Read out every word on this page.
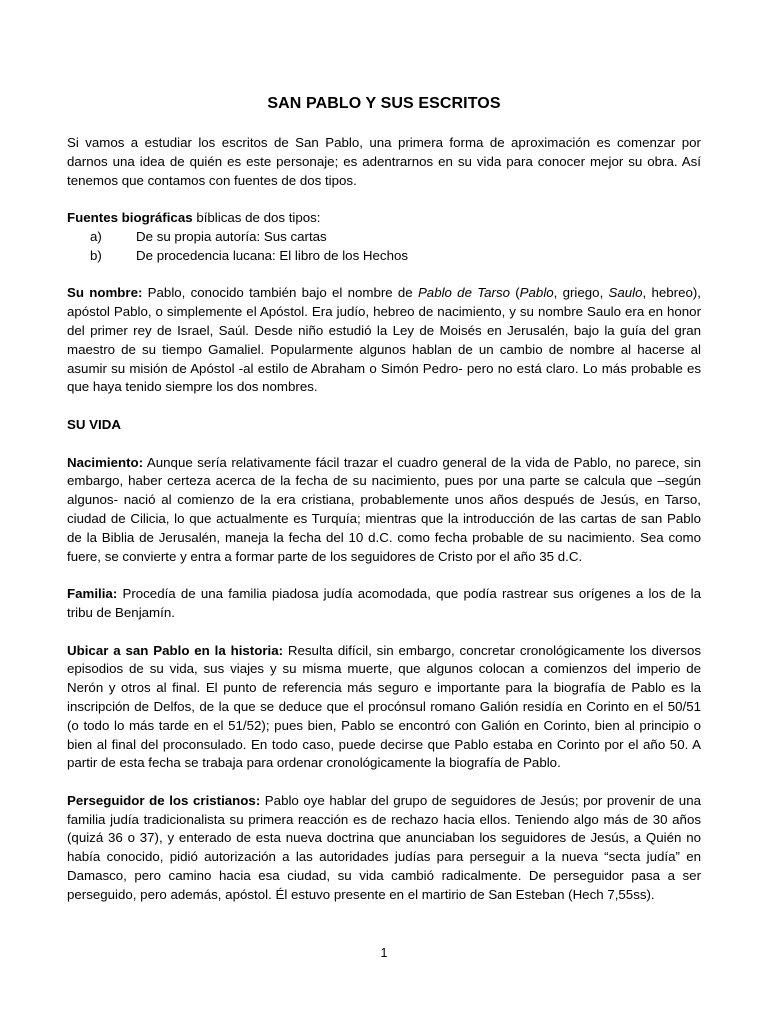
SAN PABLO Y SUS ESCRITOS

Si vamos a estudiar los escritos de San Pablo, una primera forma de aproximación es comenzar por darnos una idea de quién es este personaje; es adentrarnos en su vida para conocer mejor su obra. Así tenemos que contamos con fuentes de dos tipos.

Fuentes biográficas bíblicas de dos tipos:

a)	De su propia autoría: Sus cartas
b)	De procedencia lucana: El libro de los Hechos

Su nombre: Pablo, conocido también bajo el nombre de Pablo de Tarso (Pablo, griego, Saulo, hebreo), apóstol Pablo, o simplemente el Apóstol. Era judío, hebreo de nacimiento, y su nombre Saulo era en honor del primer rey de Israel, Saúl. Desde niño estudió la Ley de Moisés en Jerusalén, bajo la guía del gran maestro de su tiempo Gamaliel. Popularmente algunos hablan de un cambio de nombre al hacerse al asumir su misión de Apóstol -al estilo de Abraham o Simón Pedro- pero no está claro. Lo más probable es que haya tenido siempre los dos nombres.

SU VIDA

Nacimiento: Aunque sería relativamente fácil trazar el cuadro general de la vida de Pablo, no parece, sin embargo, haber certeza acerca de la fecha de su nacimiento, pues por una parte se calcula que –según algunos- nació al comienzo de la era cristiana, probablemente unos años después de Jesús, en Tarso, ciudad de Cilicia, lo que actualmente es Turquía; mientras que la introducción de las cartas de san Pablo de la Biblia de Jerusalén, maneja la fecha del 10 d.C. como fecha probable de su nacimiento. Sea como fuere, se convierte y entra a formar parte de los seguidores de Cristo por el año 35 d.C.

Familia: Procedía de una familia piadosa judía acomodada, que podía rastrear sus orígenes a los de la tribu de Benjamín.

Ubicar a san Pablo en la historia: Resulta difícil, sin embargo, concretar cronológicamente los diversos episodios de su vida, sus viajes y su misma muerte, que algunos colocan a comienzos del imperio de Nerón y otros al final. El punto de referencia más seguro e importante para la biografía de Pablo es la inscripción de Delfos, de la que se deduce que el procónsul romano Galión residía en Corinto en el 50/51 (o todo lo más tarde en el 51/52); pues bien, Pablo se encontró con Galión en Corinto, bien al principio o bien al final del proconsulado. En todo caso, puede decirse que Pablo estaba en Corinto por el año 50. A partir de esta fecha se trabaja para ordenar cronológicamente la biografía de Pablo.

Perseguidor de los cristianos: Pablo oye hablar del grupo de seguidores de Jesús; por provenir de una familia judía tradicionalista su primera reacción es de rechazo hacia ellos. Teniendo algo más de 30 años (quizá 36 o 37), y enterado de esta nueva doctrina que anunciaban los seguidores de Jesús, a Quién no había conocido, pidió autorización a las autoridades judías para perseguir a la nueva “secta judía” en Damasco, pero camino hacia esa ciudad, su vida cambió radicalmente. De perseguidor pasa a ser perseguido, pero además, apóstol. Él estuvo presente en el martirio de San Esteban (Hech 7,55ss).

1
